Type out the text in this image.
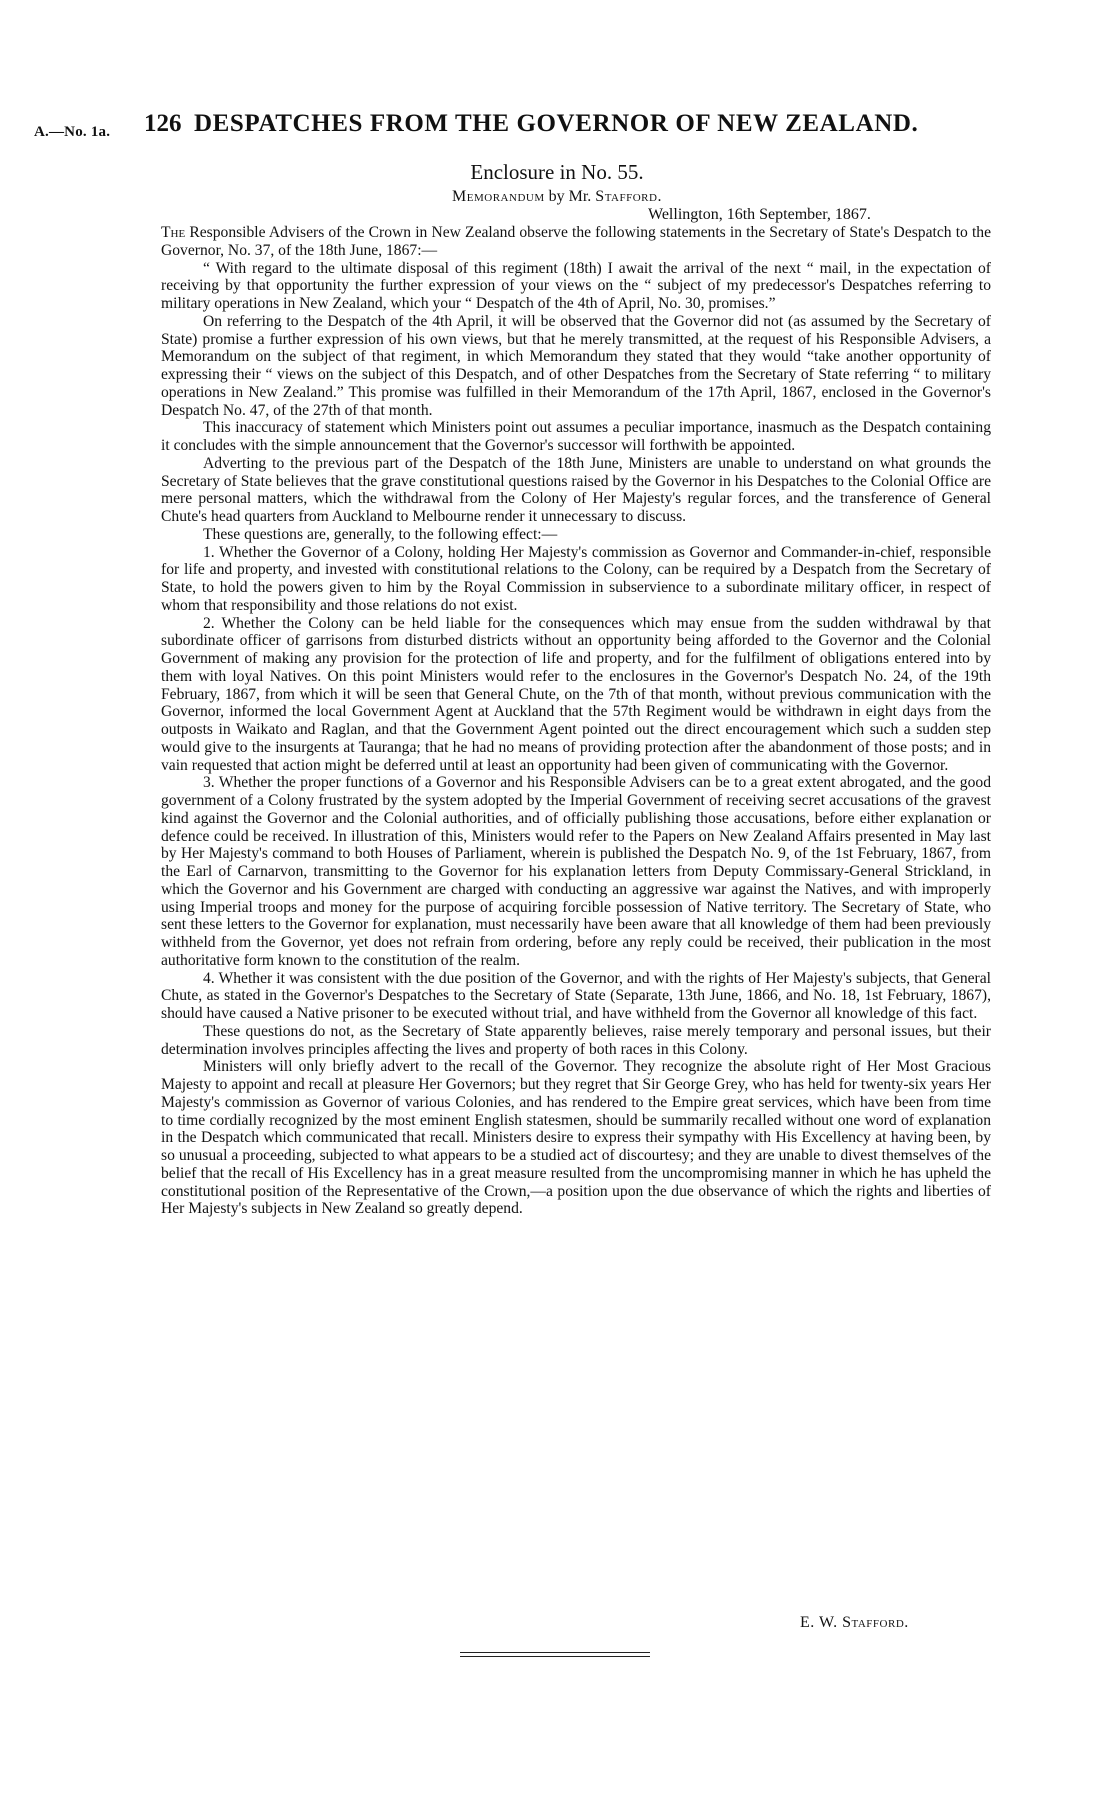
A.—No. 1a. 126 DESPATCHES FROM THE GOVERNOR OF NEW ZEALAND.
Enclosure in No. 55.
Memorandum by Mr. Stafford.
Wellington, 16th September, 1867.

The Responsible Advisers of the Crown in New Zealand observe the following statements in the Secretary of State's Despatch to the Governor, No. 37, of the 18th June, 1867:—

“ With regard to the ultimate disposal of this regiment (18th) I await the arrival of the next “ mail, in the expectation of receiving by that opportunity the further expression of your views on the “ subject of my predecessor's Despatches referring to military operations in New Zealand, which your “ Despatch of the 4th of April, No. 30, promises.”

On referring to the Despatch of the 4th April, it will be observed that the Governor did not (as assumed by the Secretary of State) promise a further expression of his own views, but that he merely transmitted, at the request of his Responsible Advisers, a Memorandum on the subject of that regiment, in which Memorandum they stated that they would “take another opportunity of expressing their “ views on the subject of this Despatch, and of other Despatches from the Secretary of State referring “ to military operations in New Zealand.” This promise was fulfilled in their Memorandum of the 17th April, 1867, enclosed in the Governor's Despatch No. 47, of the 27th of that month.

This inaccuracy of statement which Ministers point out assumes a peculiar importance, inasmuch as the Despatch containing it concludes with the simple announcement that the Governor's successor will forthwith be appointed.

Adverting to the previous part of the Despatch of the 18th June, Ministers are unable to understand on what grounds the Secretary of State believes that the grave constitutional questions raised by the Governor in his Despatches to the Colonial Office are mere personal matters, which the withdrawal from the Colony of Her Majesty's regular forces, and the transference of General Chute's head quarters from Auckland to Melbourne render it unnecessary to discuss.

These questions are, generally, to the following effect:—

1. Whether the Governor of a Colony, holding Her Majesty's commission as Governor and Commander-in-chief, responsible for life and property, and invested with constitutional relations to the Colony, can be required by a Despatch from the Secretary of State, to hold the powers given to him by the Royal Commission in subservience to a subordinate military officer, in respect of whom that responsibility and those relations do not exist.

2. Whether the Colony can be held liable for the consequences which may ensue from the sudden withdrawal by that subordinate officer of garrisons from disturbed districts without an opportunity being afforded to the Governor and the Colonial Government of making any provision for the protection of life and property, and for the fulfilment of obligations entered into by them with loyal Natives. On this point Ministers would refer to the enclosures in the Governor's Despatch No. 24, of the 19th February, 1867, from which it will be seen that General Chute, on the 7th of that month, without previous communication with the Governor, informed the local Government Agent at Auckland that the 57th Regiment would be withdrawn in eight days from the outposts in Waikato and Raglan, and that the Government Agent pointed out the direct encouragement which such a sudden step would give to the insurgents at Tauranga; that he had no means of providing protection after the abandonment of those posts; and in vain requested that action might be deferred until at least an opportunity had been given of communicating with the Governor.

3. Whether the proper functions of a Governor and his Responsible Advisers can be to a great extent abrogated, and the good government of a Colony frustrated by the system adopted by the Imperial Government of receiving secret accusations of the gravest kind against the Governor and the Colonial authorities, and of officially publishing those accusations, before either explanation or defence could be received. In illustration of this, Ministers would refer to the Papers on New Zealand Affairs presented in May last by Her Majesty's command to both Houses of Parliament, wherein is published the Despatch No. 9, of the 1st February, 1867, from the Earl of Carnarvon, transmitting to the Governor for his explanation letters from Deputy Commissary-General Strickland, in which the Governor and his Government are charged with conducting an aggressive war against the Natives, and with improperly using Imperial troops and money for the purpose of acquiring forcible possession of Native territory. The Secretary of State, who sent these letters to the Governor for explanation, must necessarily have been aware that all knowledge of them had been previously withheld from the Governor, yet does not refrain from ordering, before any reply could be received, their publication in the most authoritative form known to the constitution of the realm.

4. Whether it was consistent with the due position of the Governor, and with the rights of Her Majesty's subjects, that General Chute, as stated in the Governor's Despatches to the Secretary of State (Separate, 13th June, 1866, and No. 18, 1st February, 1867), should have caused a Native prisoner to be executed without trial, and have withheld from the Governor all knowledge of this fact.

These questions do not, as the Secretary of State apparently believes, raise merely temporary and personal issues, but their determination involves principles affecting the lives and property of both races in this Colony.

Ministers will only briefly advert to the recall of the Governor. They recognize the absolute right of Her Most Gracious Majesty to appoint and recall at pleasure Her Governors; but they regret that Sir George Grey, who has held for twenty-six years Her Majesty's commission as Governor of various Colonies, and has rendered to the Empire great services, which have been from time to time cordially recognized by the most eminent English statesmen, should be summarily recalled without one word of explanation in the Despatch which communicated that recall. Ministers desire to express their sympathy with His Excellency at having been, by so unusual a proceeding, subjected to what appears to be a studied act of discourtesy; and they are unable to divest themselves of the belief that the recall of His Excellency has in a great measure resulted from the uncompromising manner in which he has upheld the constitutional position of the Representative of the Crown,—a position upon the due observance of which the rights and liberties of Her Majesty's subjects in New Zealand so greatly depend.

E. W. Stafford.
